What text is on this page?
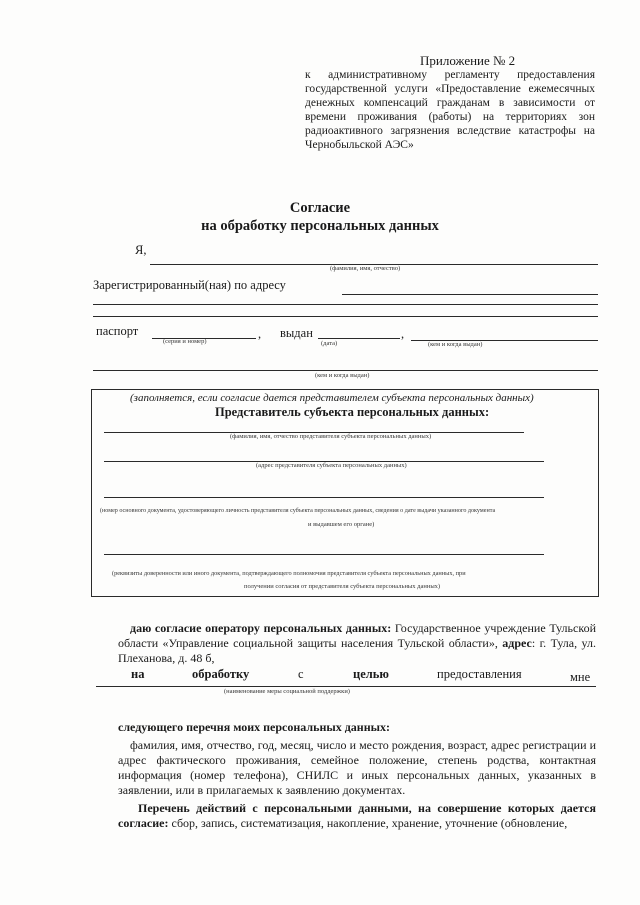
Приложение № 2
к административному регламенту предоставления государственной услуги «Предоставление ежемесячных денежных компенсаций гражданам в зависимости от времени проживания (работы) на территориях зон радиоактивного загрязнения вследствие катастрофы на Чернобыльской АЭС»
Согласие
на обработку персональных данных
Я,
(фамилия, имя, отчество)
Зарегистрированный(ная) по адресу
паспорт	,
(серия и номер)
выдан	,
(дата)	(кем и когда выдан)
(кем и когда выдан)
(заполняется, если согласие дается представителем субъекта персональных данных)
Представитель субъекта персональных данных:
(фамилия, имя, отчество представителя субъекта персональных данных)
(адрес представителя субъекта персональных данных)
(номер основного документа, удостоверяющего личность представителя субъекта персональных данных, сведения о дате выдачи указанного документа
и выдавшем его органе)
(реквизиты доверенности или иного документа, подтверждающего полномочия представителя субъекта персональных данных, при
получении согласия от представителя субъекта персональных данных)
даю согласие оператору персональных данных: Государственное учреждение Тульской области «Управление социальной защиты населения Тульской области», адрес: г. Тула, ул. Плеханова, д. 48 б,
на	обработку	с	целью	предоставления	мне
(наименование меры социальной поддержки)
следующего перечня моих персональных данных:
фамилия, имя, отчество, год, месяц, число и место рождения, возраст, адрес регистрации и адрес фактического проживания, семейное положение, степень родства, контактная информация (номер телефона), СНИЛС и иных персональных данных, указанных в заявлении, или в прилагаемых к заявлению документах.
Перечень действий с персональными данными, на совершение которых дается согласие: сбор, запись, систематизация, накопление, хранение, уточнение (обновление,
